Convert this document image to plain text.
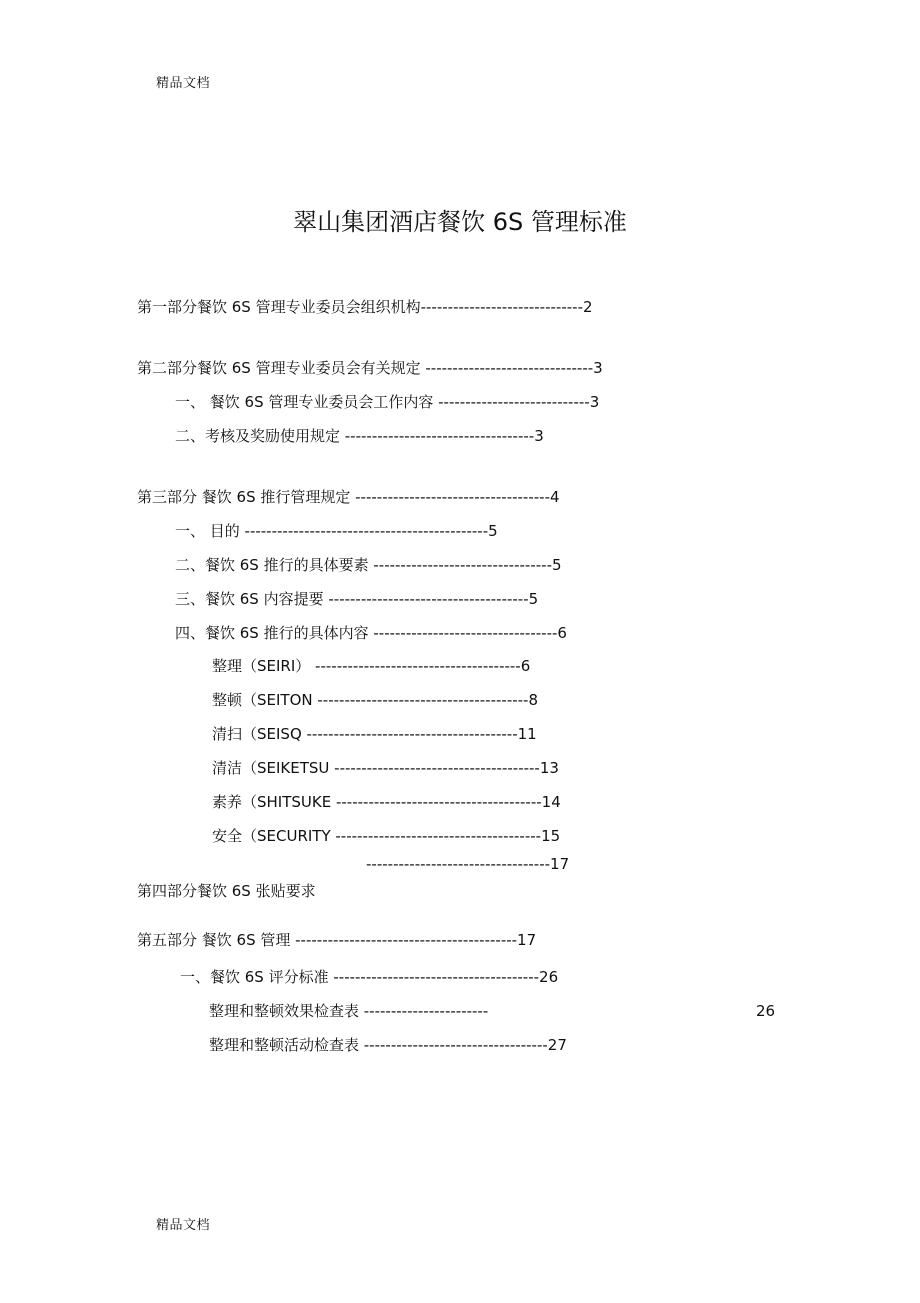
精品文档
翠山集团酒店餐饮 6S 管理标准
第一部分餐饮 6S 管理专业委员会组织机构------------------------------2
第二部分餐饮 6S 管理专业委员会有关规定 -------------------------------3
一、 餐饮 6S 管理专业委员会工作内容 ----------------------------3
二、考核及奖励使用规定 -----------------------------------3
第三部分 餐饮 6S 推行管理规定 ------------------------------------4
一、 目的 ---------------------------------------------5
二、餐饮 6S 推行的具体要素 ---------------------------------5
三、餐饮 6S 内容提要 -------------------------------------5
四、餐饮 6S 推行的具体内容 ----------------------------------6
整理（SEIRI） --------------------------------------6
整顿（SEITON ---------------------------------------8
清扫（SEISQ ---------------------------------------11
清洁（SEIKETSU --------------------------------------13
素养（SHITSUKE --------------------------------------14
安全（SECURITY --------------------------------------15
----------------------------------17
第四部分餐饮 6S 张贴要求
第五部分 餐饮 6S 管理 -----------------------------------------17
一、餐饮 6S 评分标准 --------------------------------------26
整理和整顿效果检查表 -----------------------	26
整理和整顿活动检查表 ----------------------------------27
精品文档
